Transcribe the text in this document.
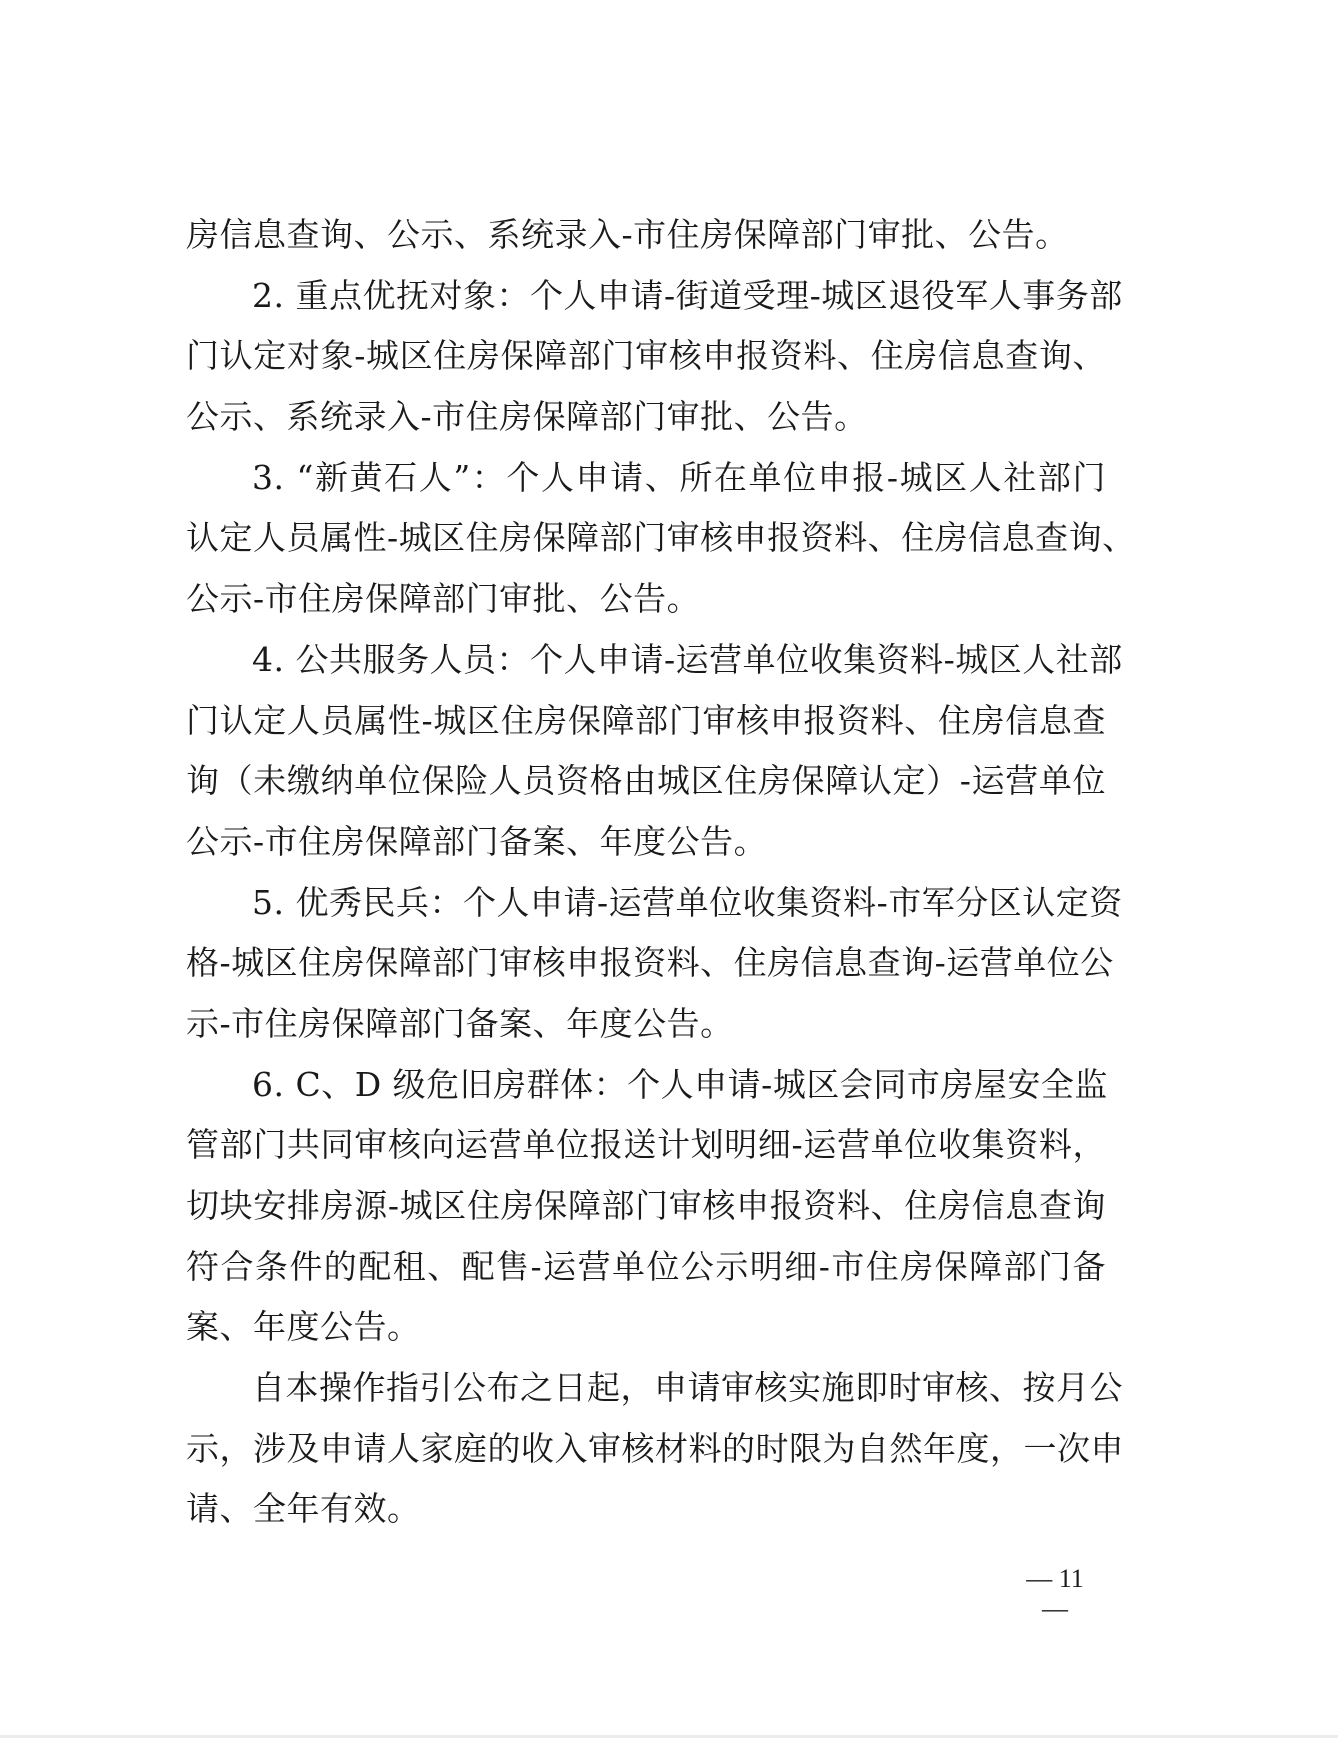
房信息查询、公示、系统录入-市住房保障部门审批、公告。
2. 重点优抚对象：个人申请-街道受理-城区退役军人事务部
门认定对象-城区住房保障部门审核申报资料、住房信息查询、
公示、系统录入-市住房保障部门审批、公告。
3. “新黄石人”：个人申请、所在单位申报-城区人社部门
认定人员属性-城区住房保障部门审核申报资料、住房信息查询、
公示-市住房保障部门审批、公告。
4. 公共服务人员：个人申请-运营单位收集资料-城区人社部
门认定人员属性-城区住房保障部门审核申报资料、住房信息查
询（未缴纳单位保险人员资格由城区住房保障认定）-运营单位
公示-市住房保障部门备案、年度公告。
5. 优秀民兵：个人申请-运营单位收集资料-市军分区认定资
格-城区住房保障部门审核申报资料、住房信息查询-运营单位公
示-市住房保障部门备案、年度公告。
6. C、D 级危旧房群体：个人申请-城区会同市房屋安全监
管部门共同审核向运营单位报送计划明细-运营单位收集资料，
切块安排房源-城区住房保障部门审核申报资料、住房信息查询
符合条件的配租、配售-运营单位公示明细-市住房保障部门备
案、年度公告。
自本操作指引公布之日起，申请审核实施即时审核、按月公
示，涉及申请人家庭的收入审核材料的时限为自然年度，一次申
请、全年有效。
— 11 —
